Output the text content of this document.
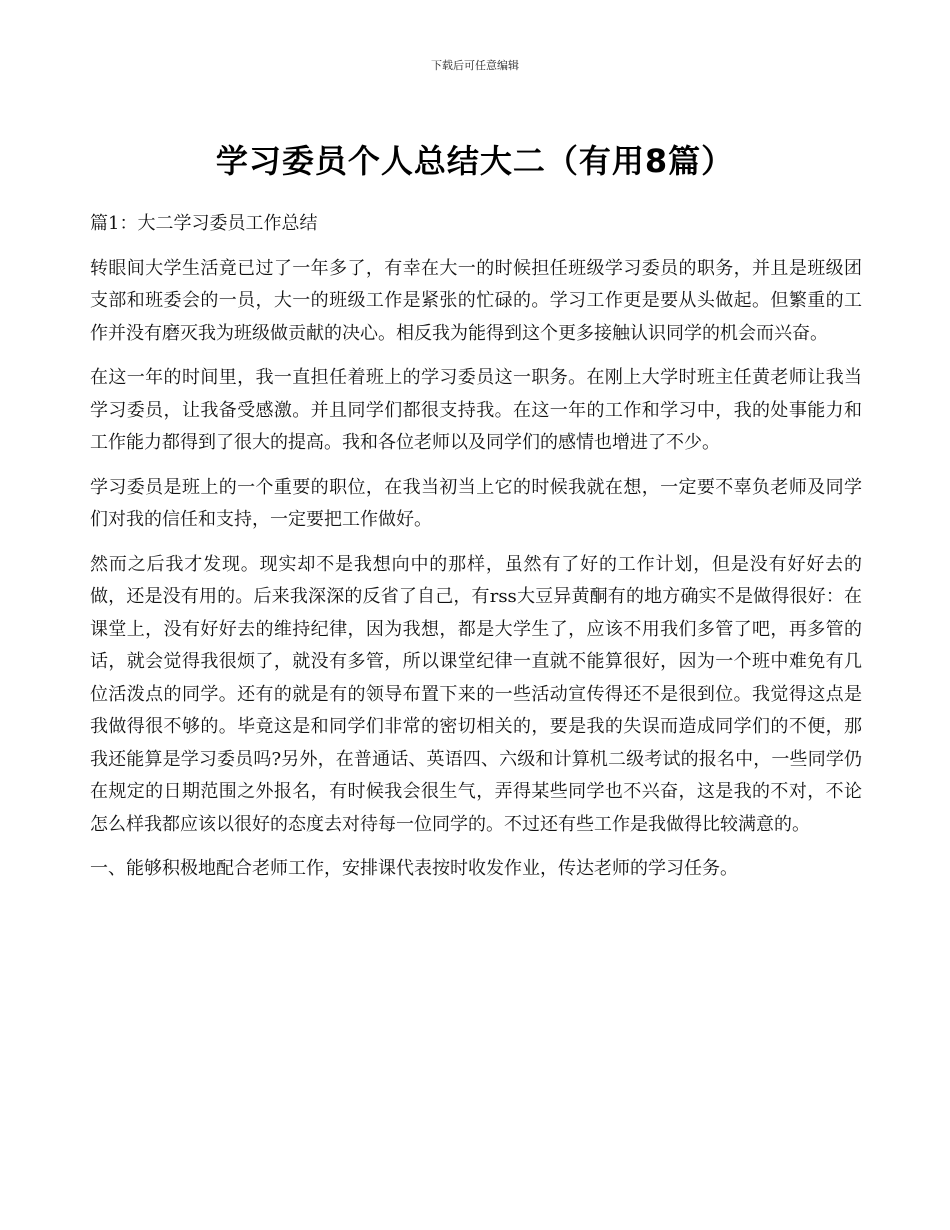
下载后可任意编辑
学习委员个人总结大二（有用8篇）

篇1：大二学习委员工作总结

转眼间大学生活竟已过了一年多了，有幸在大一的时候担任班级学习委员的职务，并且是班级团支部和班委会的一员，大一的班级工作是紧张的忙碌的。学习工作更是要从头做起。但繁重的工作并没有磨灭我为班级做贡献的决心。相反我为能得到这个更多接触认识同学的机会而兴奋。

在这一年的时间里，我一直担任着班上的学习委员这一职务。在刚上大学时班主任黄老师让我当学习委员，让我备受感激。并且同学们都很支持我。在这一年的工作和学习中，我的处事能力和工作能力都得到了很大的提高。我和各位老师以及同学们的感情也增进了不少。

学习委员是班上的一个重要的职位，在我当初当上它的时候我就在想，一定要不辜负老师及同学们对我的信任和支持，一定要把工作做好。

然而之后我才发现。现实却不是我想向中的那样，虽然有了好的工作计划，但是没有好好去的做，还是没有用的。后来我深深的反省了自己，有rss大豆异黄酮有的地方确实不是做得很好：在课堂上，没有好好去的维持纪律，因为我想，都是大学生了，应该不用我们多管了吧，再多管的话，就会觉得我很烦了，就没有多管，所以课堂纪律一直就不能算很好，因为一个班中难免有几位活泼点的同学。还有的就是有的领导布置下来的一些活动宣传得还不是很到位。我觉得这点是我做得很不够的。毕竟这是和同学们非常的密切相关的，要是我的失误而造成同学们的不便，那我还能算是学习委员吗?另外，在普通话、英语四、六级和计算机二级考试的报名中，一些同学仍在规定的日期范围之外报名，有时候我会很生气，弄得某些同学也不兴奋，这是我的不对，不论怎么样我都应该以很好的态度去对待每一位同学的。不过还有些工作是我做得比较满意的。

一、能够积极地配合老师工作，安排课代表按时收发作业，传达老师的学习任务。
